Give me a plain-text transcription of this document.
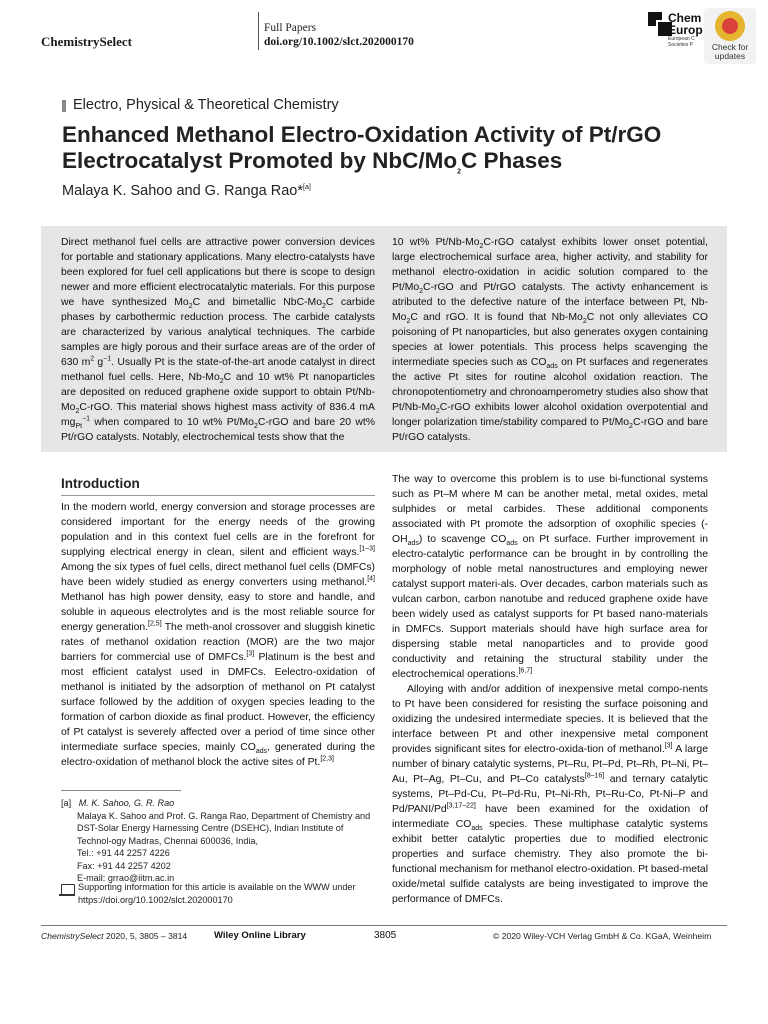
ChemistrySelect
Full Papers
doi.org/10.1002/slct.202000170
Chem
Europ
European C
Societies P	Check for
updates
Electro, Physical & Theoretical Chemistry
Enhanced Methanol Electro-Oxidation Activity of Pt/rGO
Electrocatalyst Promoted by NbC/$Mo_2C$ Phases
Malaya K. Sahoo and G. Ranga Rao*[a]
Direct methanol fuel cells are attractive power conversion devices for portable and stationary applications. Many electro-catalysts have been explored for fuel cell applications but there is scope to design newer and more efficient electrocatalytic materials. For this purpose we have synthesized $Mo_2C$ and bimetallic NbC-$Mo_2C$ carbide phases by carbothermic reduction process. The carbide catalysts are characterized by various analytical techniques. The carbide samples are higly porous and their surface areas are of the order of 630 $m^2$ $g^{-1}$. Usually Pt is the state-of-the-art anode catalyst in direct methanol fuel cells. Here, $Nb-Mo_2C$ and 10 wt% Pt nanoparticles are deposited on reduced graphene oxide support to obtain $Pt/Nb-Mo_2C$-rGO. This material shows highest mass activity of 836.4 mA $mg_{Pt}^{-1}$ when compared to 10 wt% $Pt/Mo_2C$-rGO and bare 20 wt% Pt/rGO catalysts. Notably, electrochemical tests show that the
10 wt% $Pt/Nb-Mo_2C$-rGO catalyst exhibits lower onset potential, large electrochemical surface area, higher activity, and stability for methanol electro-oxidation in acidic solution compared to the $Pt/Mo_2C$-rGO and Pt/rGO catalysts. The activty enhancement is atributed to the defective nature of the interface between Pt, $Nb-Mo_2C$ and rGO. It is found that $Nb-Mo_2C$ not only alleviates CO poisoning of Pt nanoparticles, but also generates oxygen containing species at lower potentials. This process helps scavenging the intermediate species such as $CO_{ads}$ on Pt surfaces and regenerates the active Pt sites for routine alcohol oxidation reaction. The chronopotentiometry and chronoamperometry studies also show that $Pt/Nb-Mo_2C$-rGO exhibits lower alcohol oxidation overpotential and longer polarization time/stability compared to $Pt/Mo_2C$-rGO and bare Pt/rGO catalysts.
Introduction
In the modern world, energy conversion and storage processes are considered important for the energy needs of the growing population and in this context fuel cells are in the forefront for supplying electrical energy in clean, silent and efficient ways.[1–3] Among the six types of fuel cells, direct methanol fuel cells (DMFCs) have been widely studied as energy converters using methanol.[4] Methanol has high power density, easy to store and handle, and soluble in aqueous electrolytes and is the most reliable source for energy generation.[2,5] The meth-anol crossover and sluggish kinetic rates of methanol oxidation reaction (MOR) are the two major barriers for commercial use of DMFCs.[3] Platinum is the best and most efficient catalyst used in DMFCs. Eelectro-oxidation of methanol is initiated by the adsorption of methanol on Pt catalyst surface followed by the addition of oxygen species leading to the formation of carbon dioxide as final product. However, the efficiency of Pt catalyst is severely affected over a period of time since other intermediate surface species, mainly $CO_{ads}$, generated during the electro-oxidation of methanol block the active sites of Pt.[2,3]

The way to overcome this problem is to use bi-functional systems such as Pt–M where M can be another metal, metal oxides, metal sulphides or metal carbides. These additional components associated with Pt promote the adsorption of oxophilic species $(-OH_{ads})$ to scavenge $CO_{ads}$ on Pt surface. Further improvement in electro-catalytic performance can be brought in by controlling the morphology of noble metal nanostructures and employing newer catalyst support materi-als. Over decades, carbon materials such as vulcan carbon, carbon nanotube and reduced graphene oxide have been widely used as catalyst supports for Pt based nano-materials in DMFCs. Support materials should have high surface area for dispersing stable metal nanoparticles and to provide good conductivity and retaining the structural stability under the electrochemical operations.[6,7]

Alloying with and/or addition of inexpensive metal compo-nents to Pt have been considered for resisting the surface poisoning and oxidizing the undesired intermediate species. It is believed that the interface between Pt and other inexpensive metal component provides significant sites for electro-oxida-tion of methanol.[3] A large number of binary catalytic systems, Pt–Ru, Pt–Pd, Pt–Rh, Pt–Ni, Pt–Au, Pt–Ag, Pt–Cu, and Pt–Co catalysts[8–16] and ternary catalytic systems, Pt–Pd-Cu, Pt–Pd-Ru, Pt–Ni-Rh, Pt–Ru-Co, Pt-Ni–P and Pd/PANI/Pd[3,17–22] have been examined for the oxidation of intermediate $CO_{ads}$ species. These multiphase catalytic systems exhibit better catalytic properties due to modified electronic properties and surface chemistry. They also promote the bi-functional mechanism for methanol electro-oxidation. Pt based-metal oxide/metal sulfide catalysts are being investigated to improve the performance of DMFCs.

[a] M. K. Sahoo, G. R. Rao
Malaya K. Sahoo and Prof. G. Ranga Rao, Department of Chemistry and DST-Solar Energy Harnessing Centre (DSEHC), Indian Institute of Technol-ogy Madras, Chennai 600036, India,
Tel.: +91 44 2257 4226
Fax: +91 44 2257 4202
E-mail: grrao@iitm.ac.in
Supporting information for this article is available on the WWW under https://doi.org/10.1002/slct.202000170
ChemistrySelect 2020, 5, 3805 – 3814	Wiley Online Library	3805	© 2020 Wiley-VCH Verlag GmbH & Co. KGaA, Weinheim
